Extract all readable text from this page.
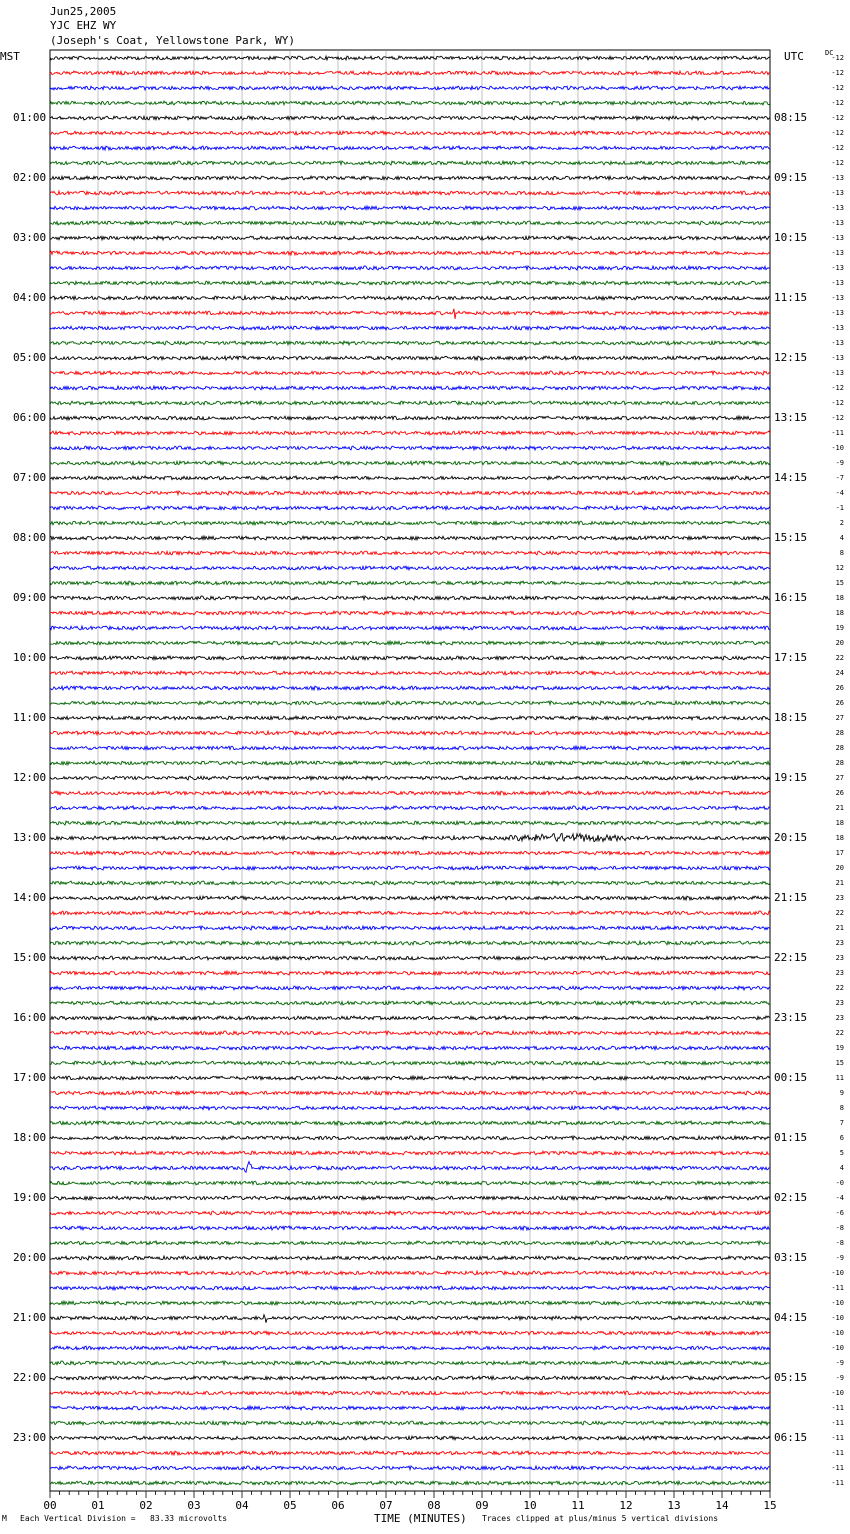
Jun25,2005
YJC EHZ WY
(Joseph's Coat, Yellowstone Park, WY)
MST	UTC	DC
00	01	02	03	04	05	06	07	08	09	10	11	12	13	14	15
01:00	08:15
02:00	09:15
03:00	10:15
04:00	11:15
05:00	12:15
06:00	13:15
07:00	14:15
08:00	15:15
09:00	16:15
10:00	17:15
11:00	18:15
12:00	19:15
13:00	20:15
14:00	21:15
15:00	22:15
16:00	23:15
17:00	00:15
18:00	01:15
19:00	02:15
20:00	03:15
21:00	04:15
22:00	05:15
23:00	06:15
-12
-12
-12
-12
-12
-12
-12
-12
-13
-13
-13
-13
-13
-13
-13
-13
-13
-13
-13
-13
-13
-13
-12
-12
-12
-11
-10
-9
-7
-4
-1
2
4
8
12
15
18
18
19
20
22
24
26
26
27
28
28
28
27
26
21
18
18
17
20
21
23
22
21
23
23
23
22
23
23
22
19
15
11
9
8
7
6
5
4
-0
-4
-6
-8
-8
-9
-10
-11
-10
-10
-10
-10
-9
-9
-10
-11
-11
-11
-11
-11
-11
M Each Vertical Division =   83.33 microvolts	TIME (MINUTES) Traces clipped at plus/minus 5 vertical divisions
